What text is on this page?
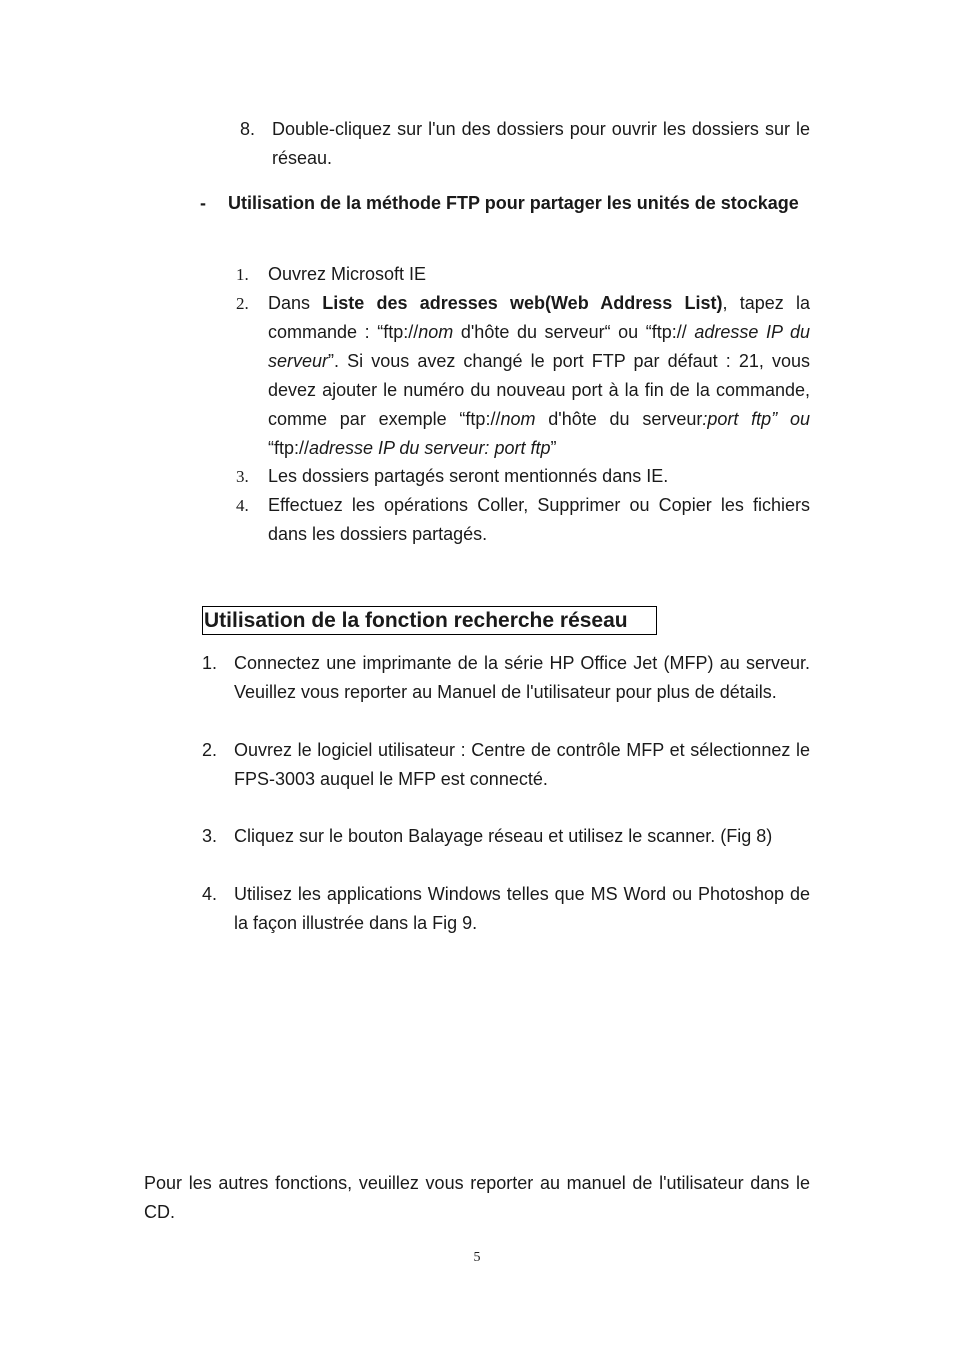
8. Double-cliquez sur l'un des dossiers pour ouvrir les dossiers sur le réseau.
- Utilisation de la méthode FTP pour partager les unités de stockage
1. Ouvrez Microsoft IE
2. Dans Liste des adresses web(Web Address List), tapez la commande : “ftp://nom d'hôte du serveur“ ou “ftp:// adresse IP du serveur”. Si vous avez changé le port FTP par défaut : 21, vous devez ajouter le numéro du nouveau port à la fin de la commande, comme par exemple “ftp://nom d'hôte du serveur:port ftp” ou “ftp://adresse IP du serveur: port ftp”
3. Les dossiers partagés seront mentionnés dans IE.
4. Effectuez les opérations Coller, Supprimer ou Copier les fichiers dans les dossiers partagés.
Utilisation de la fonction recherche réseau
1. Connectez une imprimante de la série HP Office Jet (MFP) au serveur. Veuillez vous reporter au Manuel de l'utilisateur pour plus de détails.
2. Ouvrez le logiciel utilisateur : Centre de contrôle MFP et sélectionnez le FPS-3003 auquel le MFP est connecté.
3. Cliquez sur le bouton Balayage réseau et utilisez le scanner. (Fig 8)
4. Utilisez les applications Windows telles que MS Word ou Photoshop de la façon illustrée dans la Fig 9.
Pour les autres fonctions, veuillez vous reporter au manuel de l'utilisateur dans le CD.
5
